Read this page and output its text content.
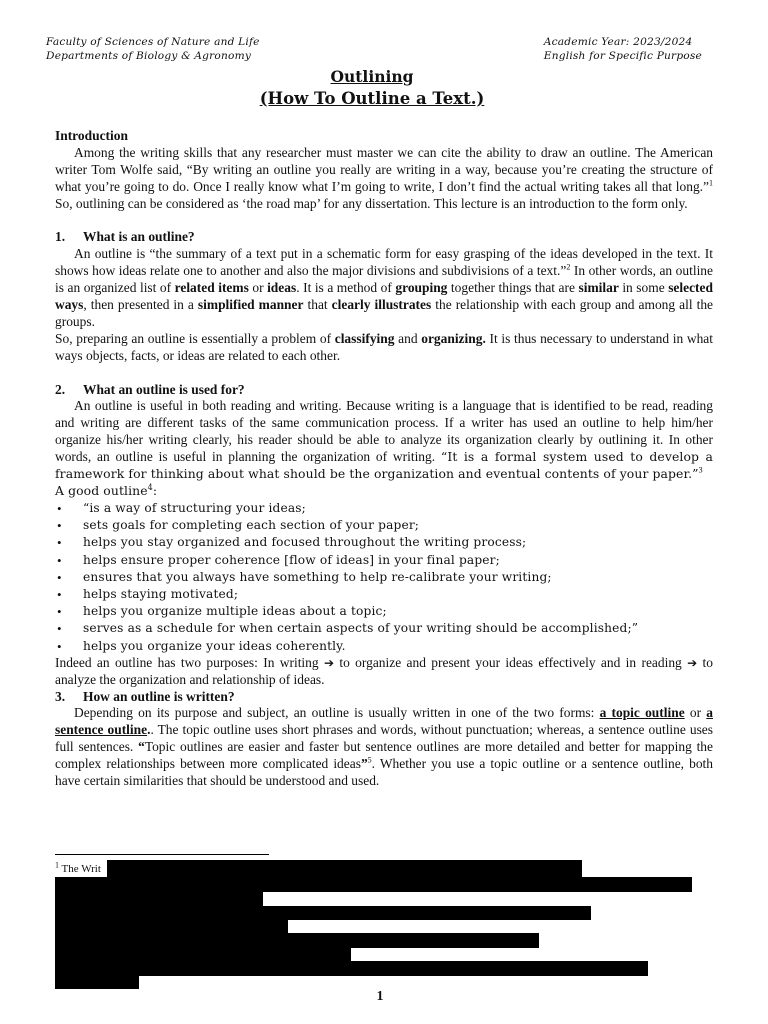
Faculty of Sciences of Nature and Life
Departments of Biology & Agronomy
Academic Year: 2023/2024
English for Specific Purpose
Outlining
(How To Outline a Text.)

Introduction

Among the writing skills that any researcher must master we can cite the ability to draw an outline. The American writer Tom Wolfe said, “By writing an outline you really are writing in a way, because you’re creating the structure of what you’re going to do. Once I really know what I’m going to write, I don’t find the actual writing takes all that long.”$^1$ So, outlining can be considered as ‘the road map’ for any dissertation. This lecture is an introduction to the form only.

1. What is an outline?

An outline is “the summary of a text put in a schematic form for easy grasping of the ideas developed in the text. It shows how ideas relate one to another and also the major divisions and subdivisions of a text.”$^2$ In other words, an outline is an organized list of related items or ideas. It is a method of grouping together things that are similar in some selected ways, then presented in a simplified manner that clearly illustrates the relationship with each group and among all the groups.

So, preparing an outline is essentially a problem of classifying and organizing. It is thus necessary to understand in what ways objects, facts, or ideas are related to each other.

2. What an outline is used for?

An outline is useful in both reading and writing. Because writing is a language that is identified to be read, reading and writing are different tasks of the same communication process. If a writer has used an outline to help him/her organize his/her writing clearly, his reader should be able to analyze its organization clearly by outlining it. In other words, an outline is useful in planning the organization of writing. “It is a formal system used to develop a framework for thinking about what should be the organization and eventual contents of your paper.”$^3$

A good outline$^4$:

• “is a way of structuring your ideas;
• sets goals for completing each section of your paper;
• helps you stay organized and focused throughout the writing process;
• helps ensure proper coherence [flow of ideas] in your final paper;
• ensures that you always have something to help re-calibrate your writing;
• helps staying motivated;
• helps you organize multiple ideas about a topic;
• serves as a schedule for when certain aspects of your writing should be accomplished;”
• helps you organize your ideas coherently.

Indeed an outline has two purposes: In writing ➔ to organize and present your ideas effectively and in reading ➔ to analyze the organization and relationship of ideas.

3. How an outline is written?

Depending on its purpose and subject, an outline is usually written in one of the two forms: a topic outline or a sentence outline.. The topic outline uses short phrases and words, without punctuation; whereas, a sentence outline uses full sentences. “Topic outlines are easier and faster but sentence outlines are more detailed and better for mapping the complex relationships between more complicated ideas”$^5$. Whether you use a topic outline or a sentence outline, both have certain similarities that should be understood and used.

$^1$ The Writ
1
